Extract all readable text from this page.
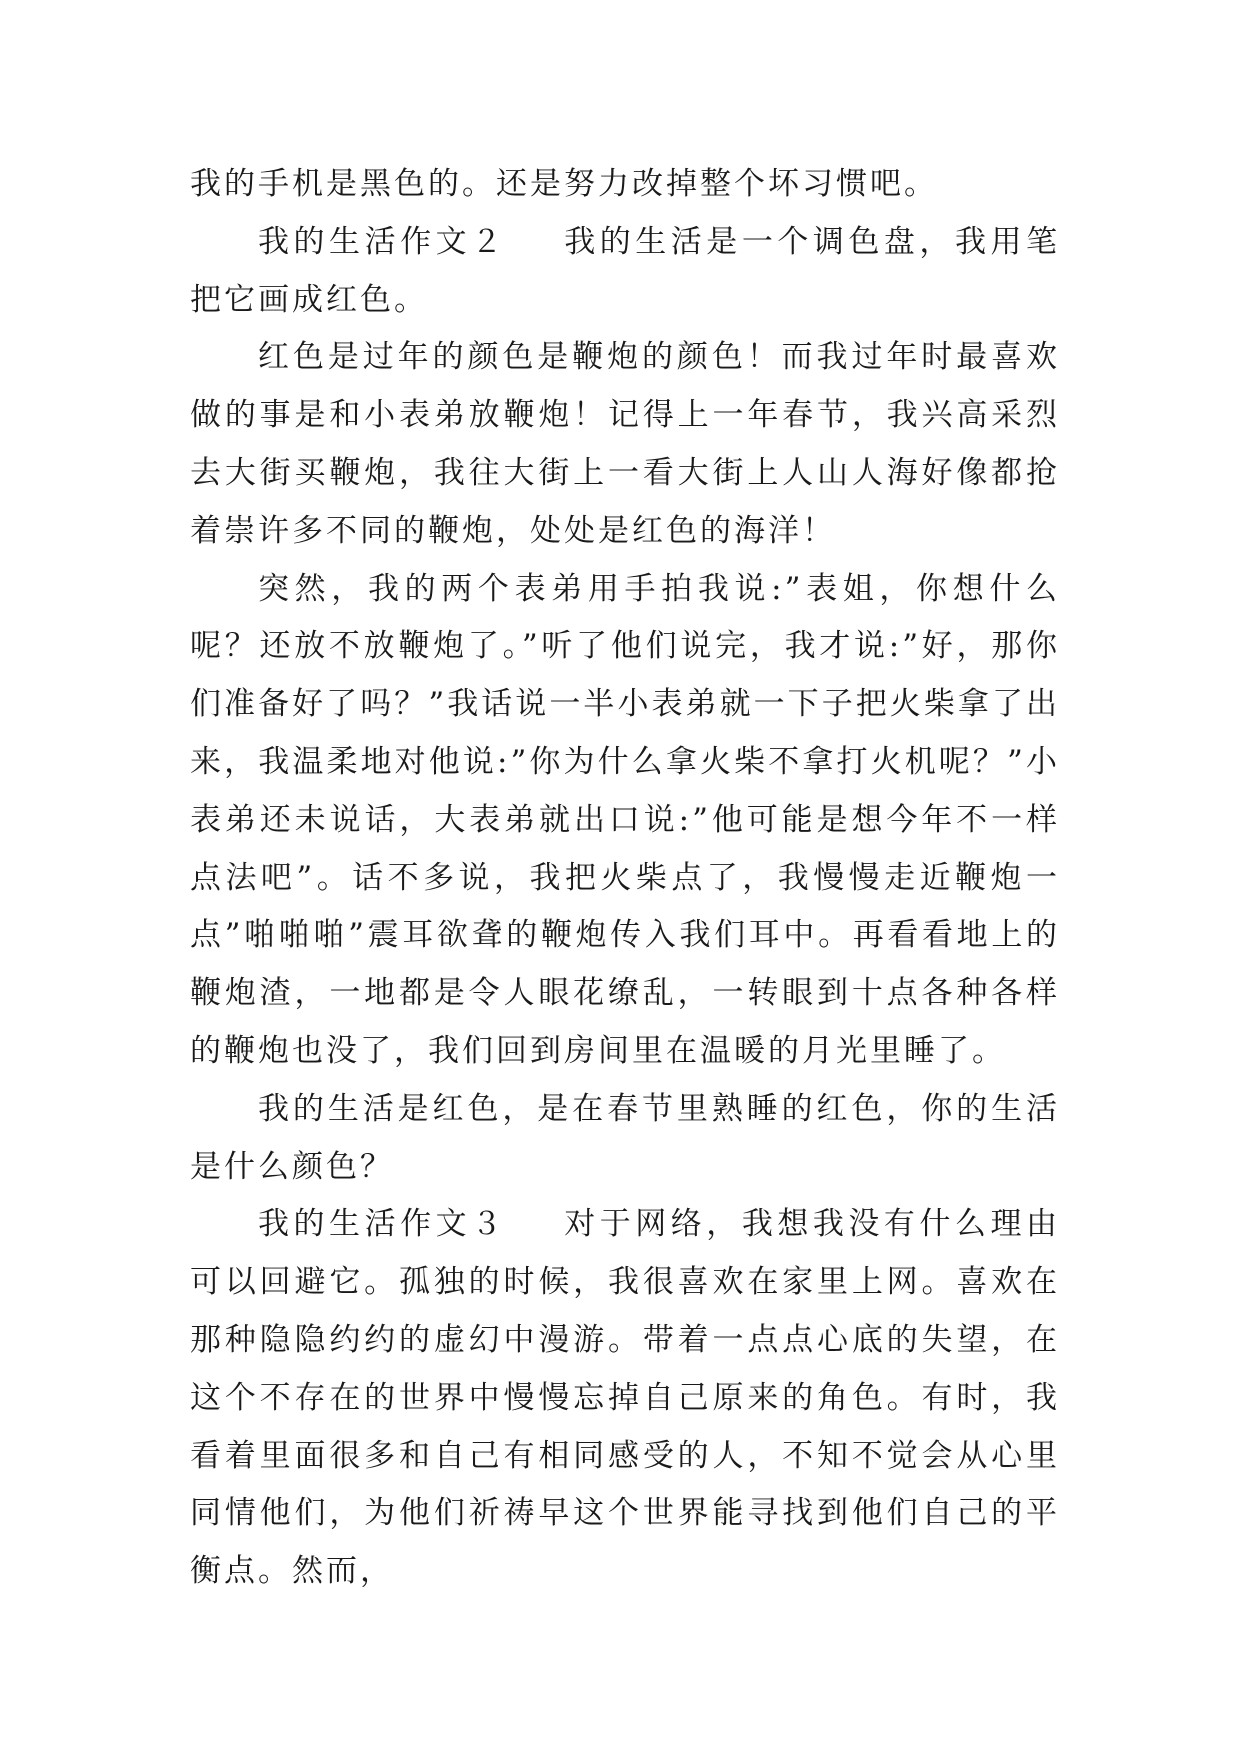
我的手机是黑色的。还是努力改掉整个坏习惯吧。

我的生活作文２ 我的生活是一个调色盘，我用笔把它画成红色。

红色是过年的颜色是鞭炮的颜色！而我过年时最喜欢做的事是和小表弟放鞭炮！记得上一年春节，我兴高采烈去大街买鞭炮，我往大街上一看大街上人山人海好像都抢着崇许多不同的鞭炮，处处是红色的海洋！

突然，我的两个表弟用手拍我说:”表姐，你想什么呢？还放不放鞭炮了。”听了他们说完，我才说:”好，那你们准备好了吗？”我话说一半小表弟就一下子把火柴拿了出来，我温柔地对他说:”你为什么拿火柴不拿打火机呢？”小表弟还未说话，大表弟就出口说:”他可能是想今年不一样点法吧”。话不多说，我把火柴点了，我慢慢走近鞭炮一点”啪啪啪”震耳欲聋的鞭炮传入我们耳中。再看看地上的鞭炮渣，一地都是令人眼花缭乱，一转眼到十点各种各样的鞭炮也没了，我们回到房间里在温暖的月光里睡了。

我的生活是红色，是在春节里熟睡的红色，你的生活是什么颜色？

我的生活作文３ 对于网络，我想我没有什么理由可以回避它。孤独的时候，我很喜欢在家里上网。喜欢在那种隐隐约约的虚幻中漫游。带着一点点心底的失望，在这个不存在的世界中慢慢忘掉自己原来的角色。有时，我看着里面很多和自己有相同感受的人，不知不觉会从心里同情他们，为他们祈祷早这个世界能寻找到他们自己的平衡点。然而，
